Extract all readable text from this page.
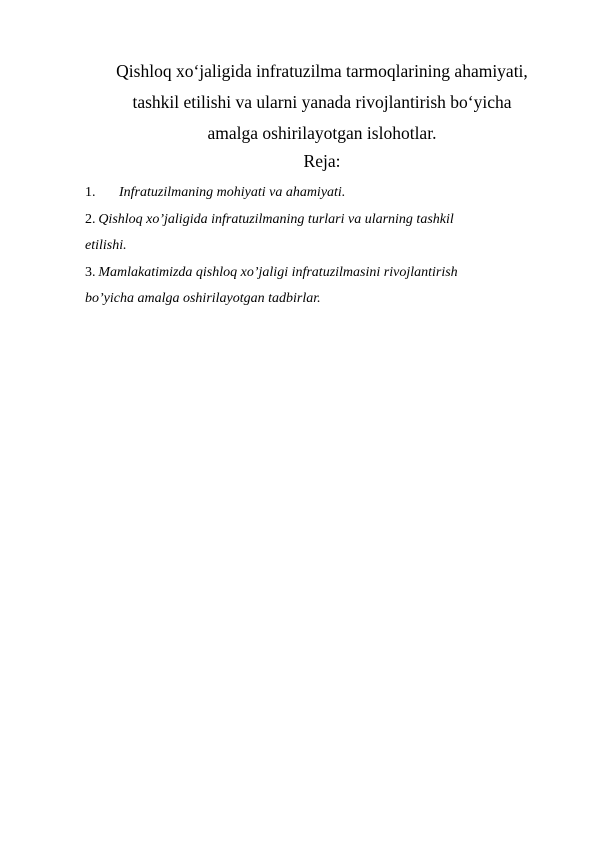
Qishloq xo‘jaligida infratuzilma tarmoqlarining ahamiyati,
tashkil etilishi va ularni yanada rivojlantirish bo‘yicha
amalga oshirilayotgan islohotlar.
Reja:
1. Infratuzilmaning mohiyati va ahamiyati.
2.  Qishloq xo’jaligida infratuzilmaning turlari va ularning tashkil
etilishi.
3.  Mamlakatimizda qishloq xo’jaligi infratuzilmasini rivojlantirish
bo’yicha amalga oshirilayotgan tadbirlar.
